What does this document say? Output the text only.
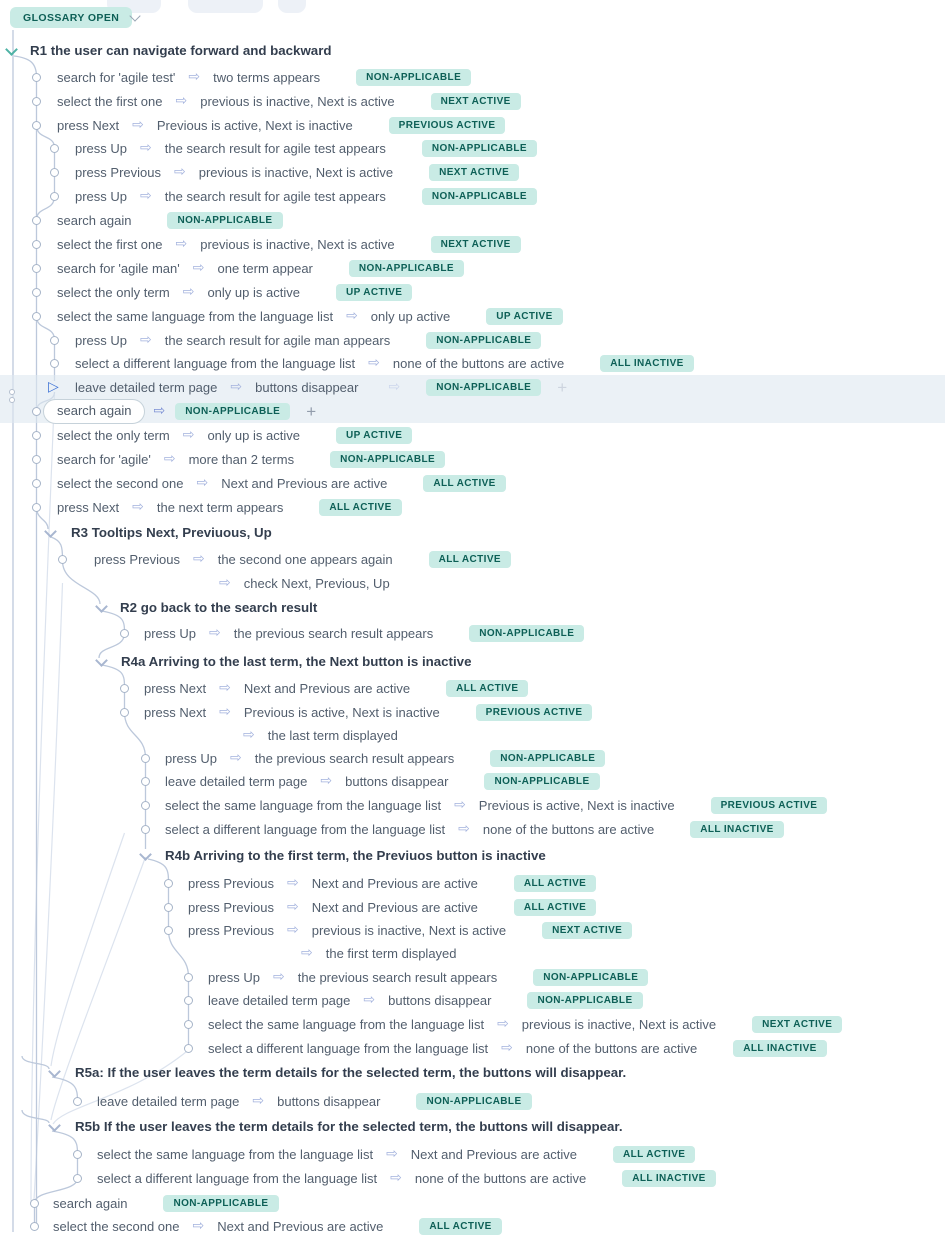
GLOSSARY OPEN
R1 the user can navigate forward and backward
search for 'agile test' ⇨ two terms appears	NON-APPLICABLE
select the first one ⇨ previous is inactive, Next is active	NEXT ACTIVE
press Next ⇨ Previous is active, Next is inactive	PREVIOUS ACTIVE
press Up ⇨ the search result for agile test appears	NON-APPLICABLE
press Previous ⇨ previous is inactive, Next is active	NEXT ACTIVE
press Up ⇨ the search result for agile test appears	NON-APPLICABLE
search again	NON-APPLICABLE
select the first one ⇨ previous is inactive, Next is active	NEXT ACTIVE
search for 'agile man' ⇨ one term appear	NON-APPLICABLE
select the only term ⇨ only up is active	UP ACTIVE
select the same language from the language list ⇨ only up active	UP ACTIVE
press Up ⇨ the search result for agile man appears	NON-APPLICABLE
select a different language from the language list ⇨ none of the buttons are active	ALL INACTIVE
▷ leave detailed term page ⇨ buttons disappear ⇨	NON-APPLICABLE	+
search again	⇨	NON-APPLICABLE	+
select the only term ⇨ only up is active	UP ACTIVE
search for 'agile' ⇨ more than 2 terms	NON-APPLICABLE
select the second one ⇨ Next and Previous are active	ALL ACTIVE
press Next ⇨ the next term appears	ALL ACTIVE
R3 Tooltips Next, Previuous, Up
press Previous ⇨ the second one appears again	ALL ACTIVE
⇨ check Next, Previous, Up
R2 go back to the search result
press Up ⇨ the previous search result appears	NON-APPLICABLE
R4a Arriving to the last term, the Next button is inactive
press Next ⇨ Next and Previous are active	ALL ACTIVE
press Next ⇨ Previous is active, Next is inactive	PREVIOUS ACTIVE
⇨ the last term displayed
press Up ⇨ the previous search result appears	NON-APPLICABLE
leave detailed term page ⇨ buttons disappear	NON-APPLICABLE
select the same language from the language list ⇨ Previous is active, Next is inactive	PREVIOUS ACTIVE
select a different language from the language list ⇨ none of the buttons are active	ALL INACTIVE
R4b Arriving to the first term, the Previuos button is inactive
press Previous ⇨ Next and Previous are active	ALL ACTIVE
press Previous ⇨ Next and Previous are active	ALL ACTIVE
press Previous ⇨ previous is inactive, Next is active	NEXT ACTIVE
⇨ the first term displayed
press Up ⇨ the previous search result appears	NON-APPLICABLE
leave detailed term page ⇨ buttons disappear	NON-APPLICABLE
select the same language from the language list ⇨ previous is inactive, Next is active	NEXT ACTIVE
select a different language from the language list ⇨ none of the buttons are active	ALL INACTIVE
R5a: If the user leaves the term details for the selected term, the buttons will disappear.
leave detailed term page ⇨ buttons disappear	NON-APPLICABLE
R5b If the user leaves the term details for the selected term, the buttons will disappear.
select the same language from the language list ⇨ Next and Previous are active	ALL ACTIVE
select a different language from the language list ⇨ none of the buttons are active	ALL INACTIVE
search again	NON-APPLICABLE
select the second one ⇨ Next and Previous are active	ALL ACTIVE
